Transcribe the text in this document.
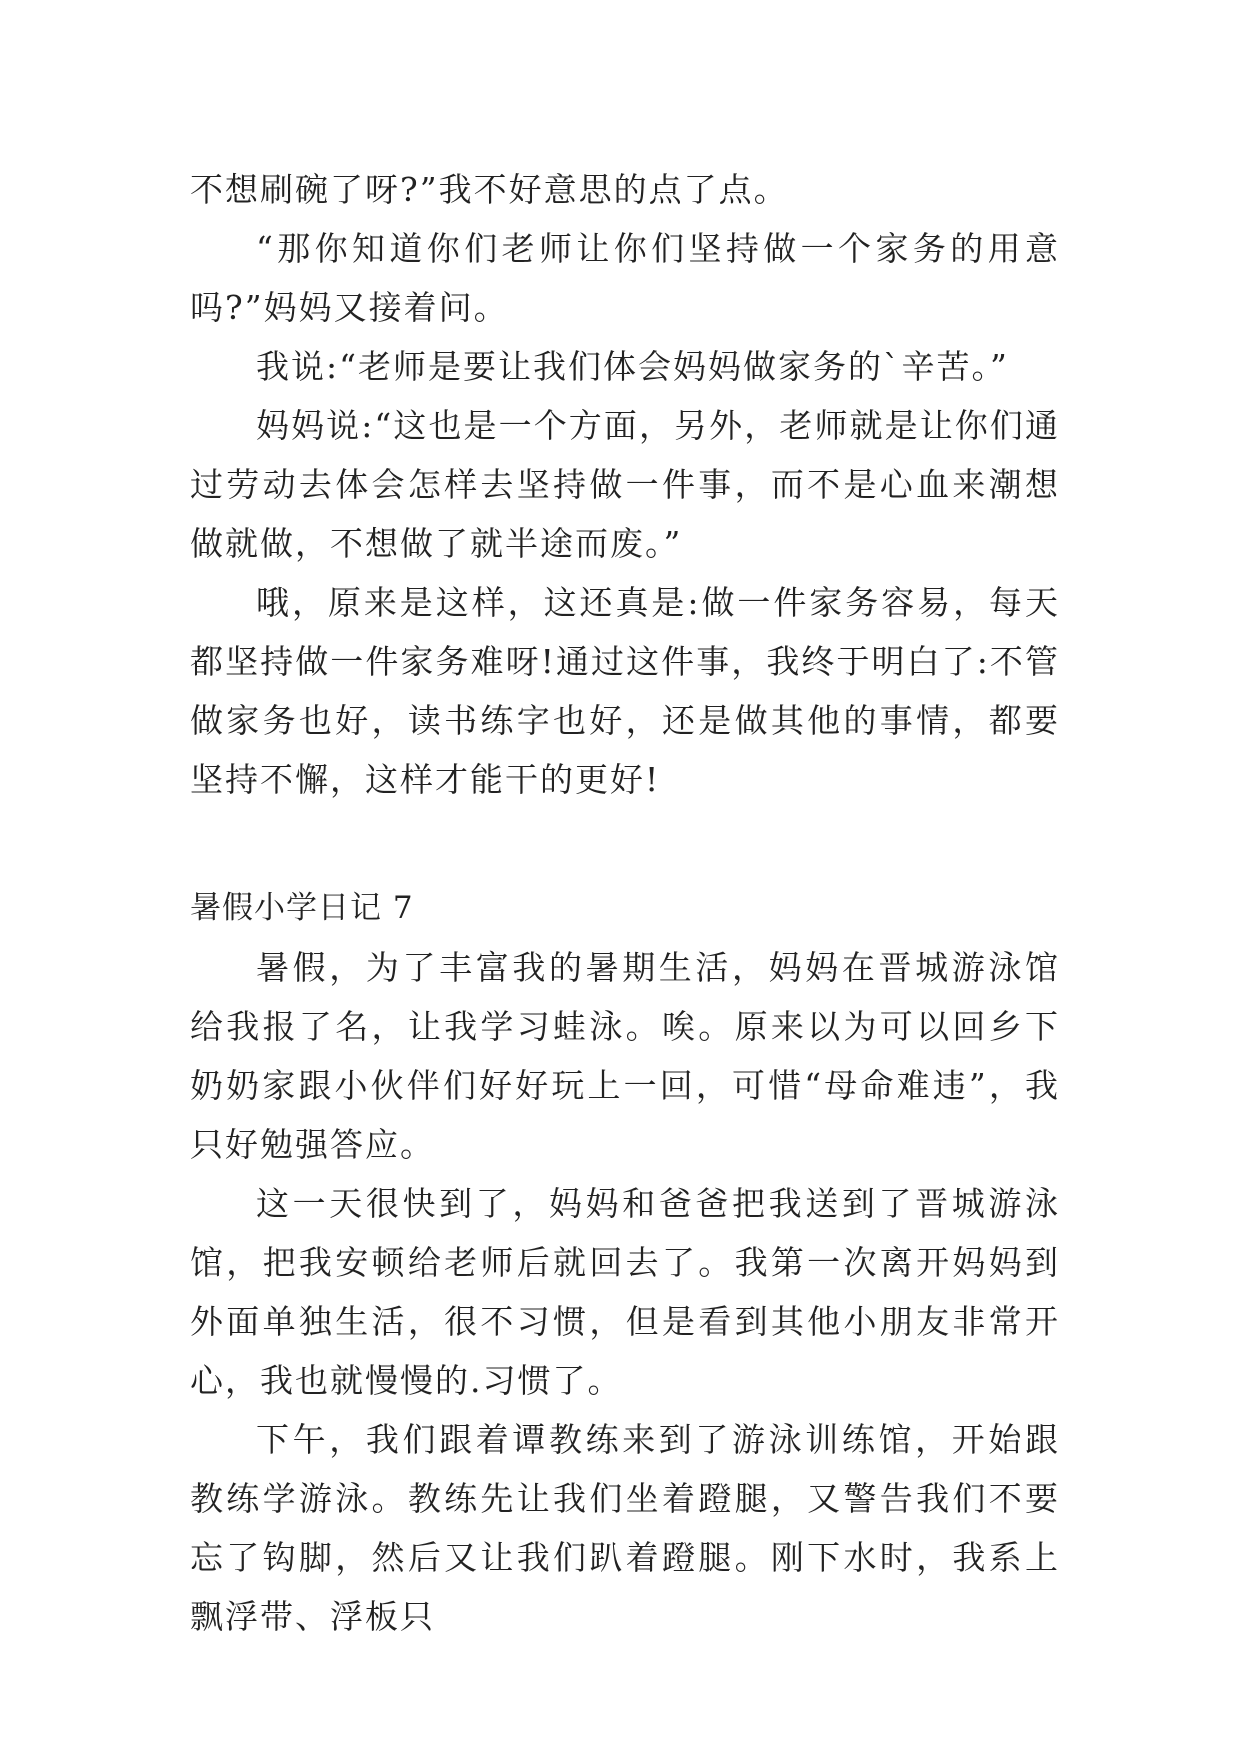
不想刷碗了呀?”我不好意思的点了点。

“那你知道你们老师让你们坚持做一个家务的用意吗?”妈妈又接着问。

我说:“老师是要让我们体会妈妈做家务的`辛苦。”

妈妈说:“这也是一个方面，另外，老师就是让你们通过劳动去体会怎样去坚持做一件事，而不是心血来潮想做就做，不想做了就半途而废。”

哦，原来是这样，这还真是:做一件家务容易，每天都坚持做一件家务难呀!通过这件事，我终于明白了:不管做家务也好，读书练字也好，还是做其他的事情，都要坚持不懈，这样才能干的更好!

暑假小学日记 7

暑假，为了丰富我的暑期生活，妈妈在晋城游泳馆给我报了名，让我学习蛙泳。唉。原来以为可以回乡下奶奶家跟小伙伴们好好玩上一回，可惜“母命难违”，我只好勉强答应。

这一天很快到了，妈妈和爸爸把我送到了晋城游泳馆，把我安顿给老师后就回去了。我第一次离开妈妈到外面单独生活，很不习惯，但是看到其他小朋友非常开心，我也就慢慢的.习惯了。

下午，我们跟着谭教练来到了游泳训练馆，开始跟教练学游泳。教练先让我们坐着蹬腿，又警告我们不要忘了钩脚，然后又让我们趴着蹬腿。刚下水时，我系上飘浮带、浮板只
